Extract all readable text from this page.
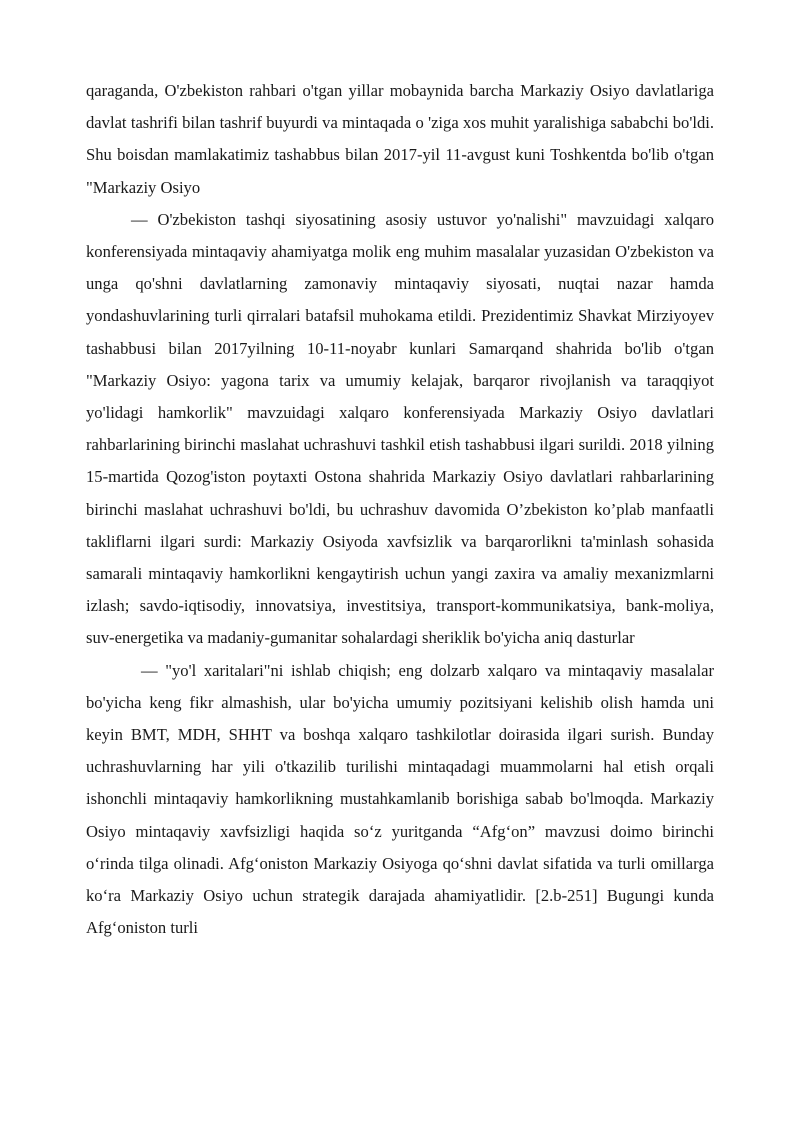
qaraganda, O'zbekiston rahbari o'tgan yillar mobaynida barcha Markaziy Osiyo davlatlariga davlat tashrifi bilan tashrif buyurdi va mintaqada o 'ziga xos muhit yaralishiga sababchi bo'ldi. Shu boisdan mamlakatimiz tashabbus bilan 2017-yil 11-avgust kuni Toshkentda bo'lib o'tgan "Markaziy Osiyo

— O'zbekiston tashqi siyosatining asosiy ustuvor yo'nalishi" mavzuidagi xalqaro konferensiyada mintaqaviy ahamiyatga molik eng muhim masalalar yuzasidan O'zbekiston va unga qo'shni davlatlarning zamonaviy mintaqaviy siyosati, nuqtai nazar hamda yondashuvlarining turli qirralari batafsil muhokama etildi. Prezidentimiz Shavkat Mirziyoyev tashabbusi bilan 2017yilning 10-11-noyabr kunlari Samarqand shahrida bo'lib o'tgan "Markaziy Osiyo: yagona tarix va umumiy kelajak, barqaror rivojlanish va taraqqiyot yo'lidagi hamkorlik" mavzuidagi xalqaro konferensiyada Markaziy Osiyo davlatlari rahbarlarining birinchi maslahat uchrashuvi tashkil etish tashabbusi ilgari surildi. 2018 yilning 15-martida Qozog'iston poytaxti Ostona shahrida Markaziy Osiyo davlatlari rahbarlarining birinchi maslahat uchrashuvi bo'ldi, bu uchrashuv davomida O’zbekiston ko’plab manfaatli takliflarni ilgari surdi: Markaziy Osiyoda xavfsizlik va barqarorlikni ta'minlash sohasida samarali mintaqaviy hamkorlikni kengaytirish uchun yangi zaxira va amaliy mexanizmlarni izlash; savdo-iqtisodiy, innovatsiya, investitsiya, transport-kommunikatsiya, bank-moliya, suv-energetika va madaniy-gumanitar sohalardagi sheriklik bo'yicha aniq dasturlar

— "yo'l xaritalari"ni ishlab chiqish; eng dolzarb xalqaro va mintaqaviy masalalar bo'yicha keng fikr almashish, ular bo'yicha umumiy pozitsiyani kelishib olish hamda uni keyin BMT, MDH, SHHT va boshqa xalqaro tashkilotlar doirasida ilgari surish. Bunday uchrashuvlarning har yili o'tkazilib turilishi mintaqadagi muammolarni hal etish orqali ishonchli mintaqaviy hamkorlikning mustahkamlanib borishiga sabab bo'lmoqda. Markaziy Osiyo mintaqaviy xavfsizligi haqida so‘z yuritganda “Afg‘on” mavzusi doimo birinchi o‘rinda tilga olinadi. Afg‘oniston Markaziy Osiyoga qo‘shni davlat sifatida va turli omillarga ko‘ra Markaziy Osiyo uchun strategik darajada ahamiyatlidir. [2.b-251] Bugungi kunda Afg‘oniston turli
